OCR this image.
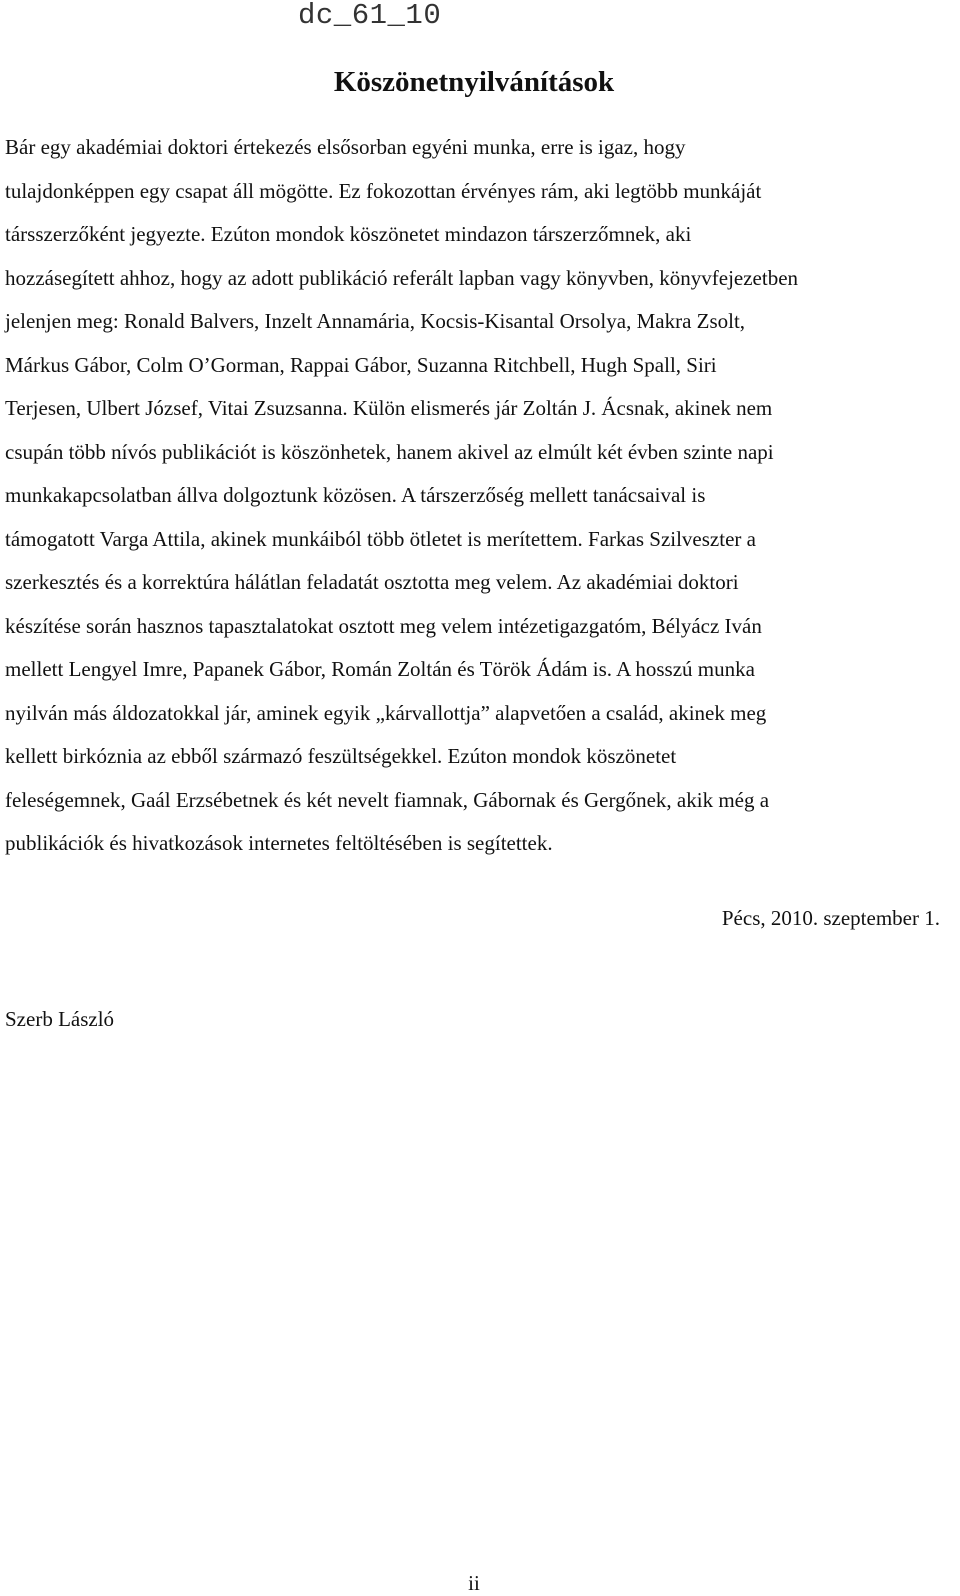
dc_61_10
Köszönetnyilvánítások

Bár egy akadémiai doktori értekezés elsősorban egyéni munka, erre is igaz, hogy
tulajdonképpen egy csapat áll mögötte. Ez fokozottan érvényes rám, aki legtöbb munkáját
társszerzőként jegyezte. Ezúton mondok köszönetet mindazon társzerzőmnek, aki
hozzásegített ahhoz, hogy az adott publikáció referált lapban vagy könyvben, könyvfejezetben
jelenjen meg: Ronald Balvers, Inzelt Annamária, Kocsis-Kisantal Orsolya, Makra Zsolt,
Márkus Gábor, Colm O’Gorman, Rappai Gábor, Suzanna Ritchbell, Hugh Spall, Siri
Terjesen, Ulbert József, Vitai Zsuzsanna. Külön elismerés jár Zoltán J. Ácsnak, akinek nem
csupán több nívós publikációt is köszönhetek, hanem akivel az elmúlt két évben szinte napi
munkakapcsolatban állva dolgoztunk közösen. A társzerzőség mellett tanácsaival is
támogatott Varga Attila, akinek munkáiból több ötletet is merítettem. Farkas Szilveszter a
szerkesztés és a korrektúra hálátlan feladatát osztotta meg velem. Az akadémiai doktori
készítése során hasznos tapasztalatokat osztott meg velem intézetigazgatóm, Bélyácz Iván
mellett Lengyel Imre, Papanek Gábor, Román Zoltán és Török Ádám is. A hosszú munka
nyilván más áldozatokkal jár, aminek egyik „kárvallottja” alapvetően a család, akinek meg
kellett birkóznia az ebből származó feszültségekkel. Ezúton mondok köszönetet
feleségemnek, Gaál Erzsébetnek és két nevelt fiamnak, Gábornak és Gergőnek, akik még a
publikációk és hivatkozások internetes feltöltésében is segítettek.

Pécs, 2010. szeptember 1.
Szerb László
ii
